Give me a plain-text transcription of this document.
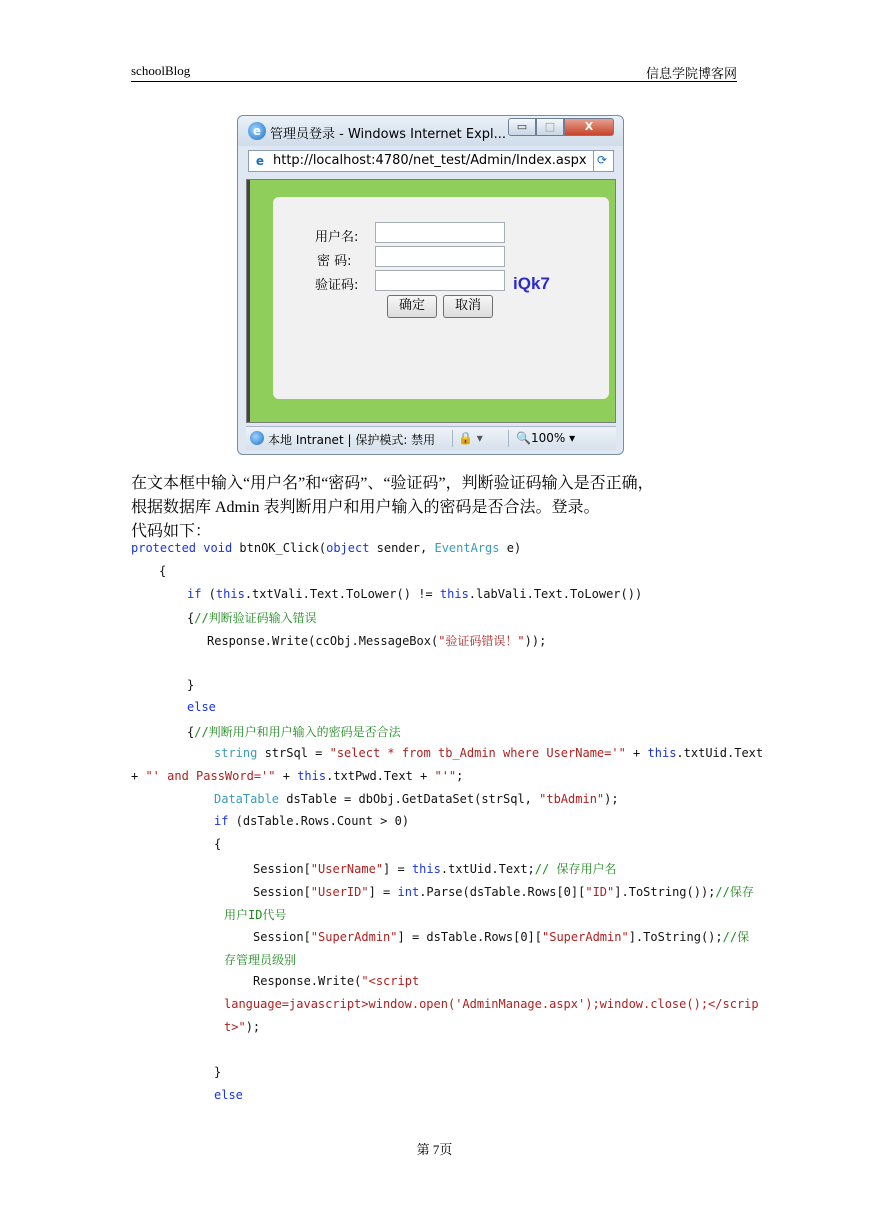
schoolBlog	信息学院博客网
e 管理员登录 - Windows Internet Expl...
▭	□	X
e http://localhost:4780/net_test/Admin/Index.aspx ⟳
用户名:
密 码:
验证码:	iQk7
确定	取消
本地 Intranet | 保护模式: 禁用 🔒 ▾	🔍100% ▾
在文本框中输入“用户名”和“密码”、“验证码”，判断验证码输入是否正确，
根据数据库 Admin 表判断用户和用户输入的密码是否合法。登录。
代码如下：
protected void btnOK_Click(object sender, EventArgs e)
{
if (this.txtVali.Text.ToLower() != this.labVali.Text.ToLower())
{//判断验证码输入错误
Response.Write(ccObj.MessageBox("验证码错误！"));
}
else
{//判断用户和用户输入的密码是否合法
string strSql = "select * from tb_Admin where UserName='" + this.txtUid.Text
+ "' and PassWord='" + this.txtPwd.Text + "'";
DataTable dsTable = dbObj.GetDataSet(strSql, "tbAdmin");
if (dsTable.Rows.Count > 0)
{
Session["UserName"] = this.txtUid.Text;// 保存用户名
Session["UserID"] = int.Parse(dsTable.Rows[0]["ID"].ToString());//保存
用户ID代号
Session["SuperAdmin"] = dsTable.Rows[0]["SuperAdmin"].ToString();//保
存管理员级别
Response.Write("<script
language=javascript>window.open('AdminManage.aspx');window.close();</scrip
t>");
}
else
第 7页
